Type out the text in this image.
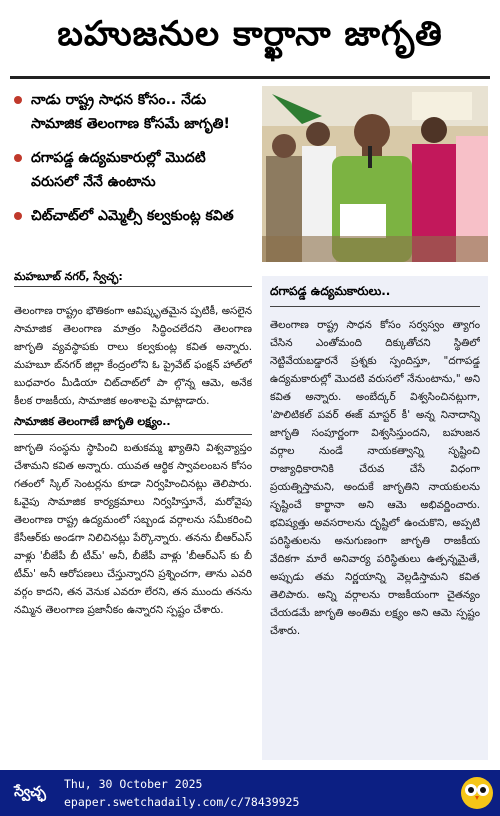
బహుజనుల కార్ఖానా జాగృతి
నాడు రాష్ట్ర సాధన కోసం.. నేడు సామాజిక తెలంగాణ కోసమే జాగృతి!
దగాపడ్డ ఉద్యమకారుల్లో మొదటి వరుసలో నేనే ఉంటాను
చిట్‌చాట్‌లో ఎమ్మెల్సీ కల్వకుంట్ల కవిత
మహబూబ్ నగర్, స్వేచ్ఛ:

తెలంగాణ రాష్ట్రం భౌతికంగా ఆవిష్కృతమైన ప్పటికీ, అసలైన సామాజిక తెలంగాణ మాత్రం సిద్ధించలేదని తెలంగాణ జాగృతి వ్యవస్థాపకు రాలు కల్వకుంట్ల కవిత అన్నారు. మహబూ బ్‌నగర్ జిల్లా కేంద్రంలోని ఓ ప్రైవేట్ ఫంక్షన్ హాల్‌లో బుధవారం మీడియా చిట్‌చాట్‌లో పా ల్గొన్న ఆమె, అనేక కీలక రాజకీయ, సామాజిక అంశాలపై మాట్లాడారు.

సామాజిక తెలంగాణే జాగృతి లక్ష్యం..

జాగృతి సంస్థను స్థాపించి బతుకమ్మ ఖ్యాతిని విశ్వవ్యాప్తం చేశామని కవిత అన్నారు. యువత ఆర్థిక స్వావలంబన కోసం గతంలో స్కిల్ సెంటర్లను కూడా నిర్వహించినట్లు తెలిపారు. ఓవైపు సామాజిక కార్యక్రమాలు నిర్వహిస్తూనే, మరోవైపు తెలంగాణ రాష్ట్ర ఉద్యమంలో సబ్బండ వర్గాలను సమీకరించి కేసీఆర్‌కు అండగా నిలిచినట్లు పేర్కొన్నారు. తనను బీఆర్ఎస్ వాళ్లు 'బీజేపీ బీ టీమ్' అనీ, బీజేపీ వాళ్లు 'బీఆర్ఎస్ కు బీ టీమ్' అనీ ఆరోపణలు చేస్తున్నారని ప్రశ్నించగా, తాను ఎవరి వర్గం కాదని, తన వెనుక ఎవరూ లేరని, తన ముందు తనను నమ్మిన తెలంగాణ ప్రజానీకం ఉన్నారని స్పష్టం చేశారు.

దగాపడ్డ ఉద్యమకారులు..
తెలంగాణ రాష్ట్ర సాధన కోసం సర్వస్వం త్యాగం చేసిన ఎంతోమంది దిక్కుతోచని స్థితిలో నెట్టివేయబడ్డారనే ప్రశ్నకు స్పందిస్తూ, "దగాపడ్డ ఉద్యమకారుల్లో మొదటి వరుసలో నేనుంటాను," అని కవిత అన్నారు. అంబేద్కర్ విశ్వసించినట్లుగా, 'పొలిటికల్ పవర్ ఈజ్ మాస్టర్ కీ' అన్న నినాదాన్ని జాగృతి సంపూర్ణంగా విశ్వసిస్తుందని, బహుజన వర్గాల నుండే నాయకత్వాన్ని సృష్టించి రాజ్యాధికారానికి చేరువ చేసే విధంగా ప్రయత్నిస్తామని, అందుకే జాగృతిని నాయకులను సృష్టించే కార్ఖానా అని ఆమె అభివర్ణించారు. భవిష్యత్తు అవసరాలను దృష్టిలో ఉంచుకొని, అప్పటి పరిస్థితులను అనుగుణంగా జాగృతి రాజకీయ వేదికగా మారే అనివార్య పరిస్థితులు ఉత్పన్నమైతే, అప్పుడు తమ నిర్ణయాన్ని వెల్లడిస్తామని కవిత తెలిపారు. అన్ని వర్గాలను రాజకీయంగా చైతన్యం చేయడమే జాగృతి అంతిమ లక్ష్యం అని ఆమె స్పష్టం చేశారు.
స్వేచ్ఛ	Thu, 30 October 2025
epaper.swetchadaily.com/c/78439925
